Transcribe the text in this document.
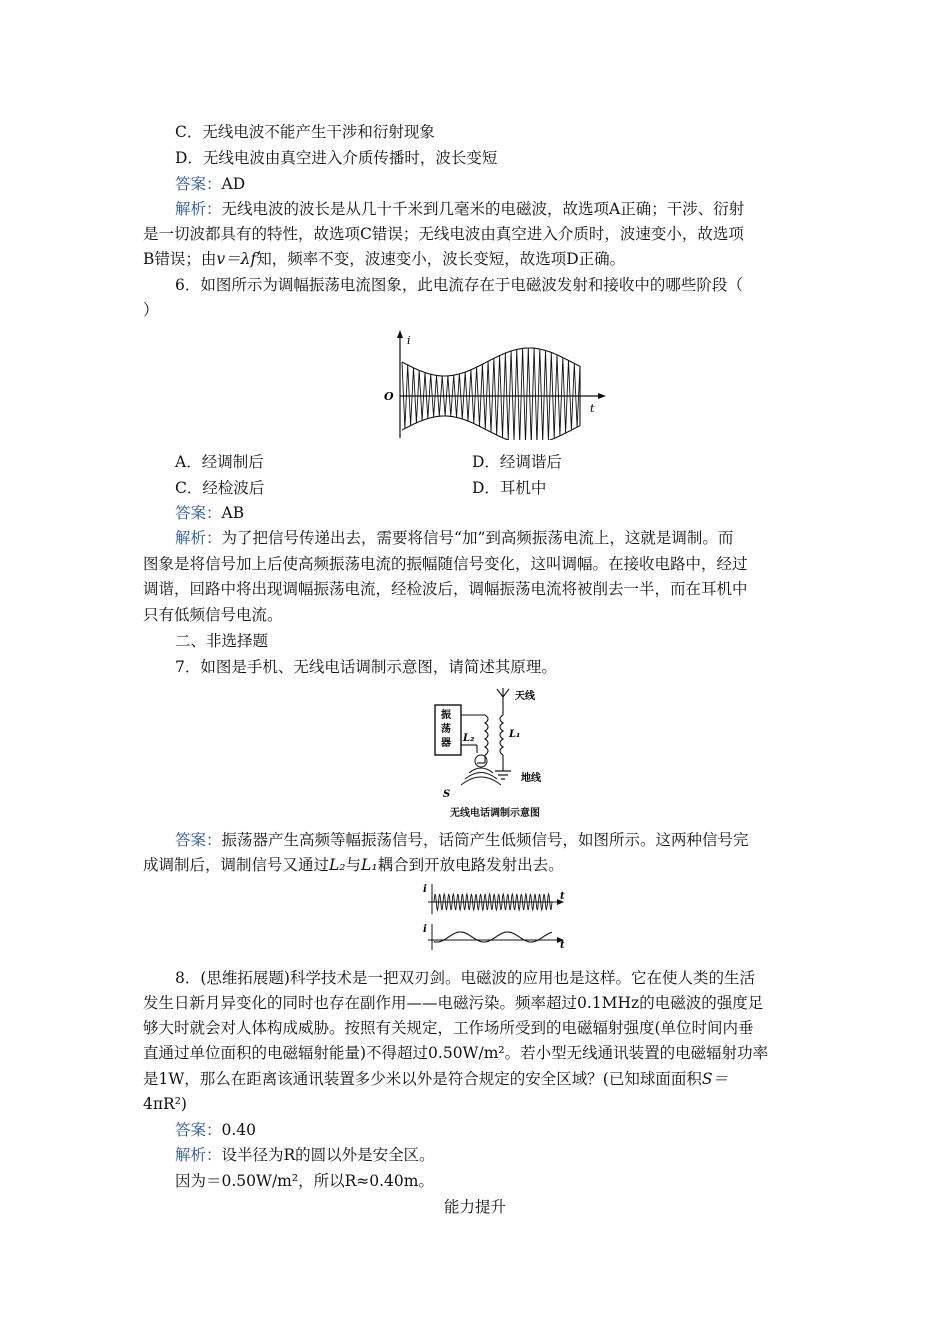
C．无线电波不能产生干涉和衍射现象
D．无线电波由真空进入介质传播时，波长变短
答案：AD
解析：无线电波的波长是从几十千米到几毫米的电磁波，故选项A正确；干涉、衍射
是一切波都具有的特性，故选项C错误；无线电波由真空进入介质时，波速变小，故选项
B错误；由v＝λf知，频率不变，波速变小，波长变短，故选项D正确。
6．如图所示为调幅振荡电流图象，此电流存在于电磁波发射和接收中的哪些阶段（
）
i
t
O
A．经调制后	D．经调谐后
C．经检波后	D．耳机中
答案：AB
解析：为了把信号传递出去，需要将信号“加”到高频振荡电流上，这就是调制。而
图象是将信号加上后使高频振荡电流的振幅随信号变化，这叫调幅。在接收电路中，经过
调谐，回路中将出现调幅振荡电流，经检波后，调幅振荡电流将被削去一半，而在耳机中
只有低频信号电流。
二、非选择题
7．如图是手机、无线电话调制示意图，请简述其原理。
振
荡
器
S
L₂	L₁
天线
地线
无线电话调制示意图
答案：振荡器产生高频等幅振荡信号，话筒产生低频信号，如图所示。这两种信号完
成调制后，调制信号又通过L₂与L₁耦合到开放电路发射出去。
i
t
i
t
8．(思维拓展题)科学技术是一把双刃剑。电磁波的应用也是这样。它在使人类的生活
发生日新月异变化的同时也存在副作用——电磁污染。频率超过0.1MHz的电磁波的强度足
够大时就会对人体构成威胁。按照有关规定，工作场所受到的电磁辐射强度(单位时间内垂
直通过单位面积的电磁辐射能量)不得超过0.50W/m²。若小型无线通讯装置的电磁辐射功率
是1W，那么在距离该通讯装置多少米以外是符合规定的安全区域？(已知球面面积S＝
4πR²)
答案：0.40
解析：设半径为R的圆以外是安全区。
因为＝0.50W/m²，所以R≈0.40m。
能力提升
